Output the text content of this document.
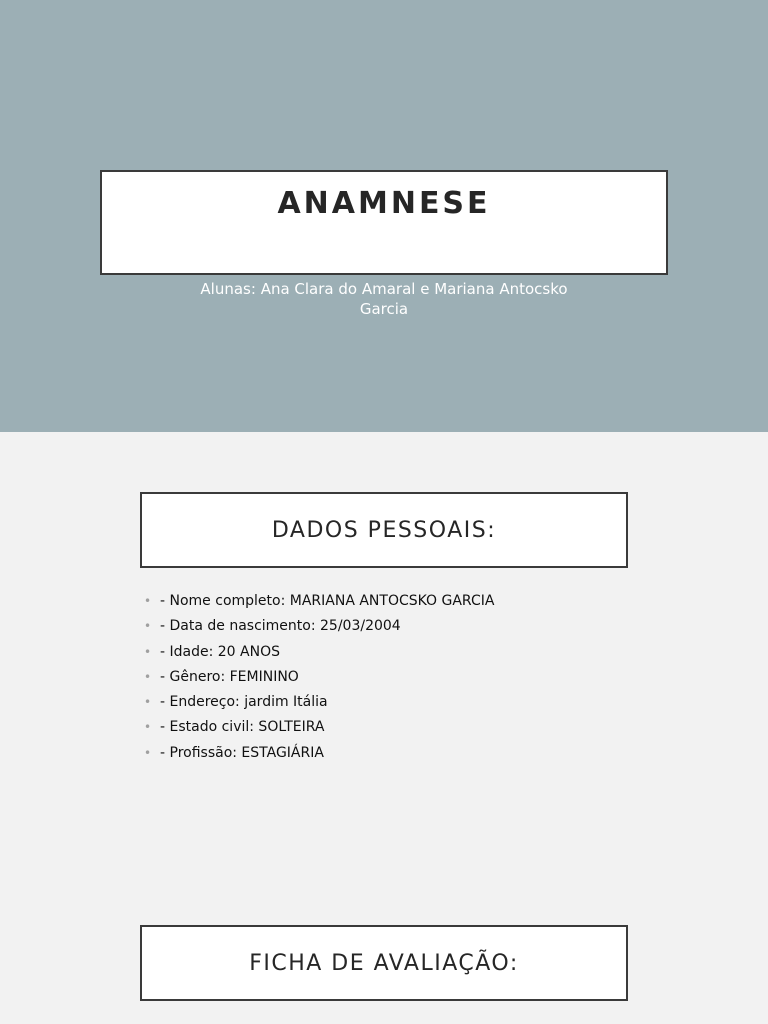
ANAMNESE
Alunas: Ana Clara do Amaral e Mariana Antocsko Garcia
DADOS PESSOAIS:
• - Nome completo: MARIANA ANTOCSKO GARCIA
• - Data de nascimento: 25/03/2004
• - Idade: 20 ANOS
• - Gênero: FEMININO
• - Endereço: jardim Itália
• - Estado civil: SOLTEIRA
• - Profissão: ESTAGIÁRIA
FICHA DE AVALIAÇÃO:
